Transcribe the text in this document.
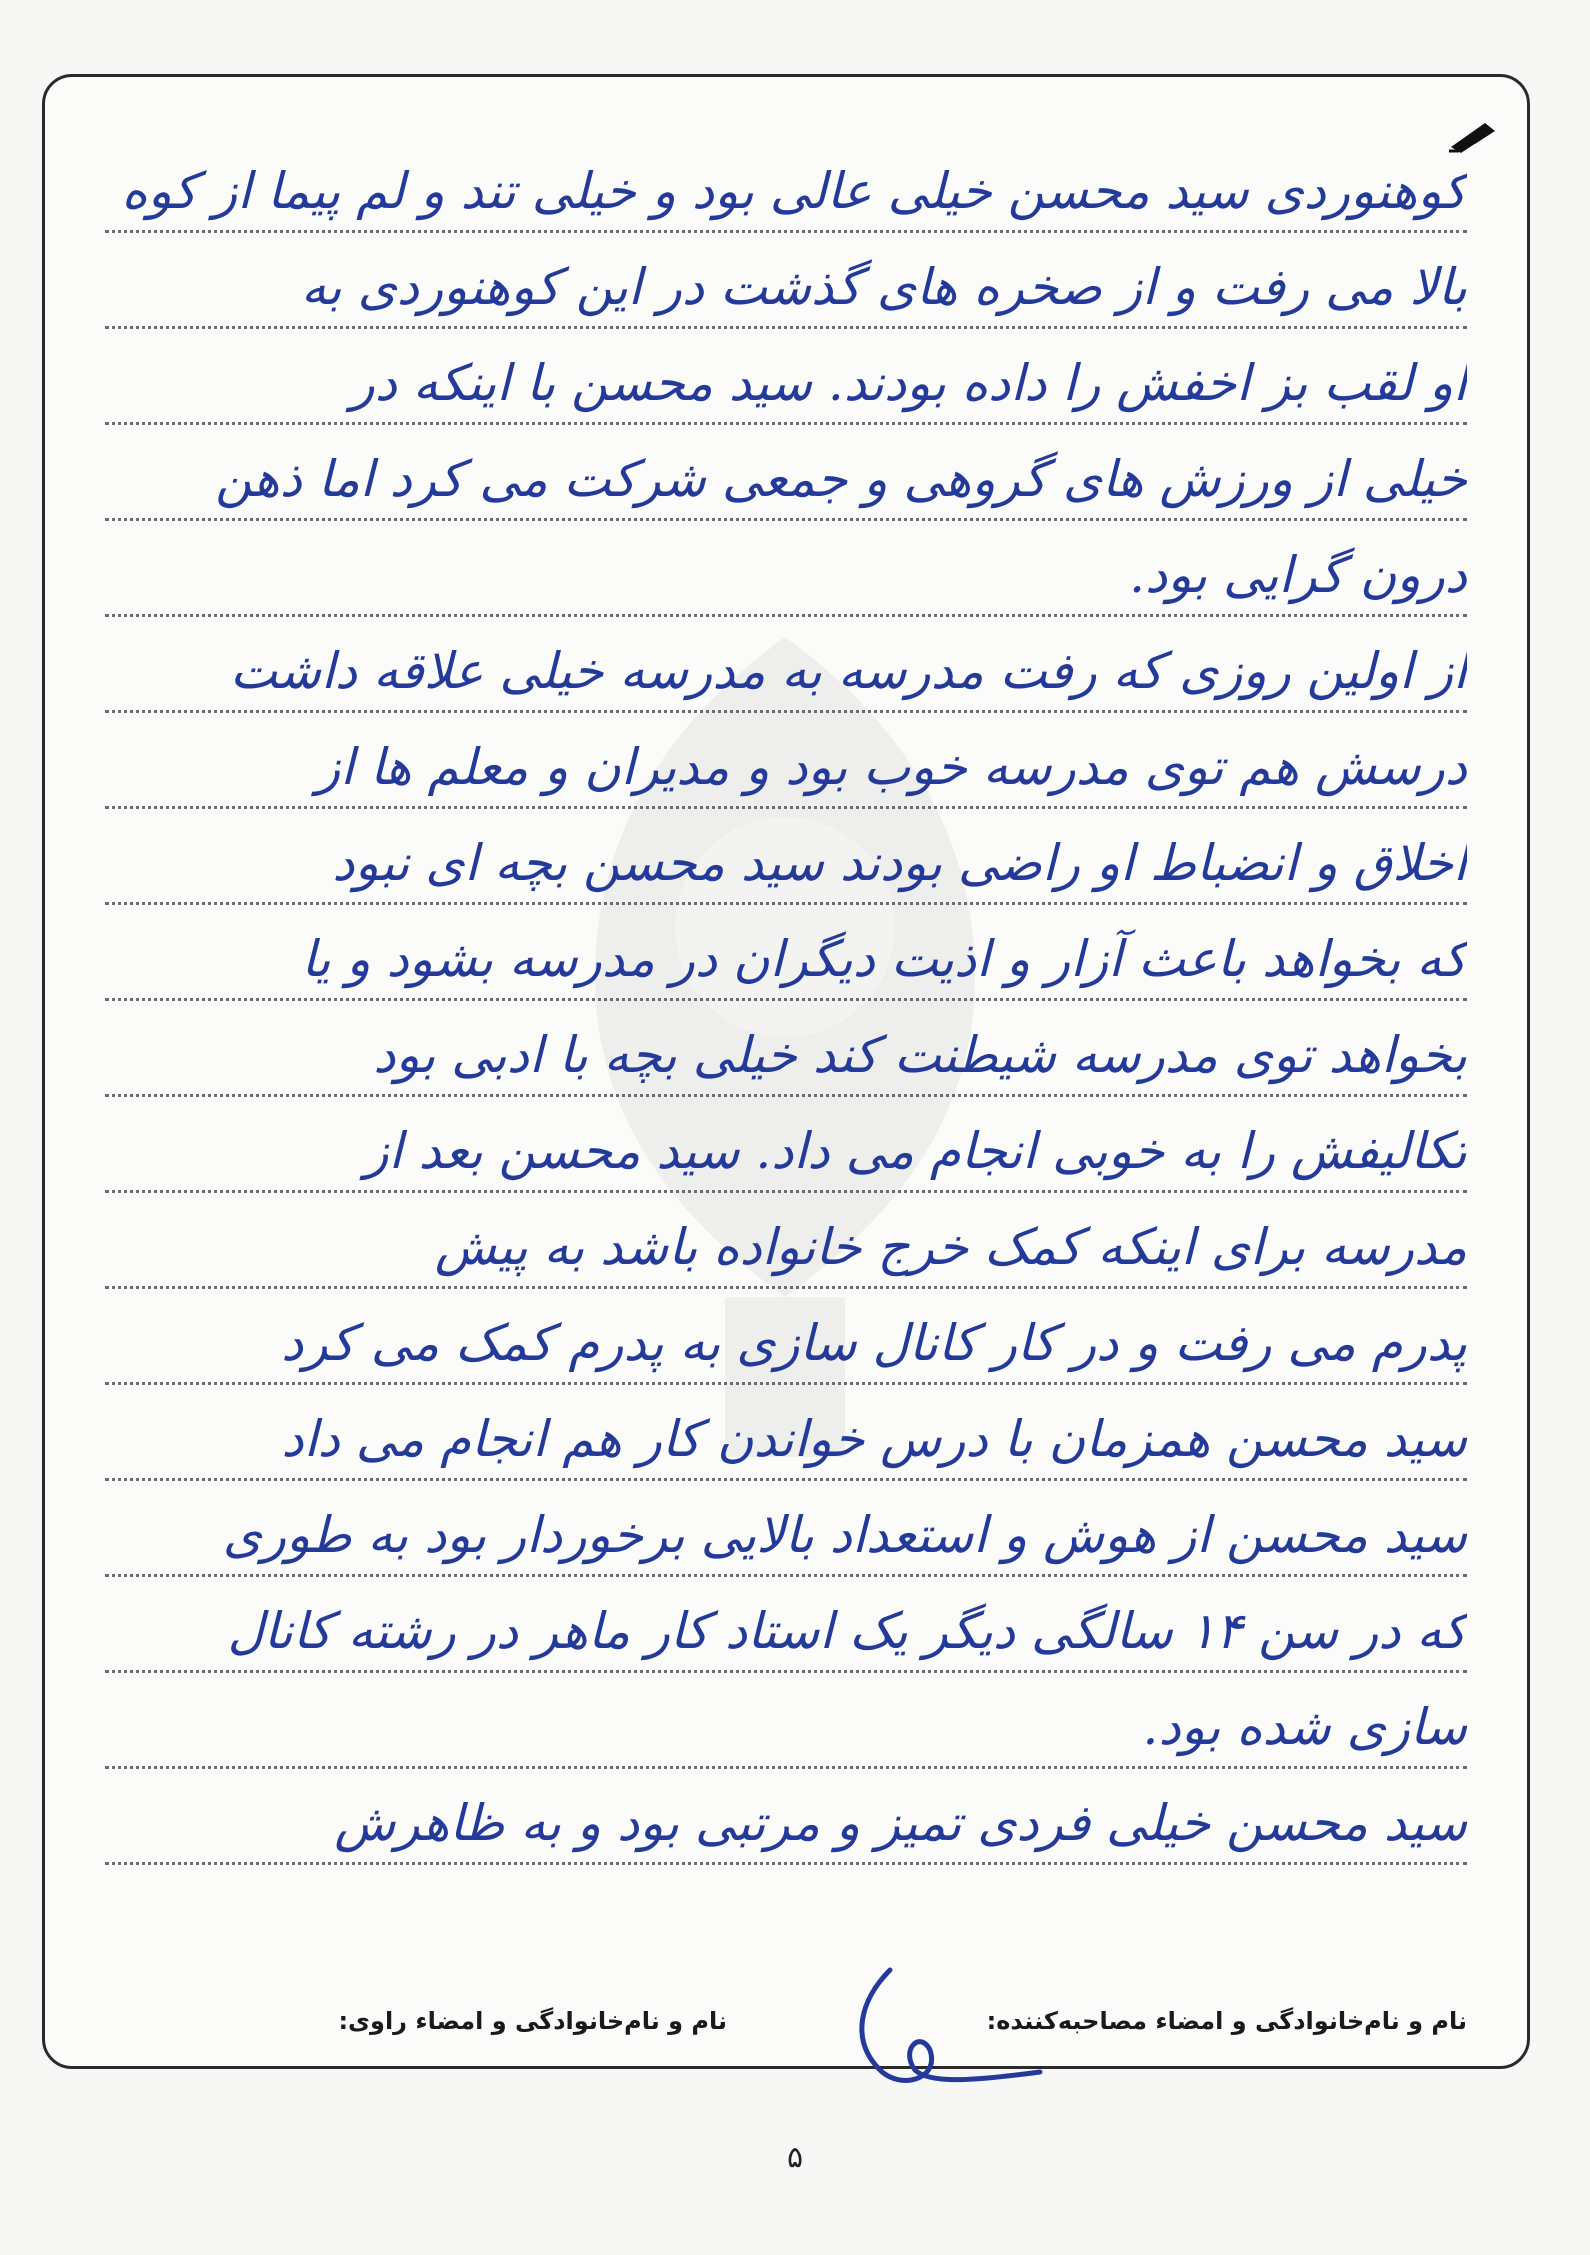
کوهنوردی سید محسن خیلی عالی بود و خیلی تند و لم پیما از کوه
بالا می رفت و از صخره های گذشت در این کوهنوردی به
او لقب بز اخفش را داده بودند. سید محسن با اینکه در
خیلی از ورزش های گروهی و جمعی شرکت می کرد اما ذهن
درون گرایی بود.
از اولین روزی که رفت مدرسه به مدرسه خیلی علاقه داشت
درسش هم توی مدرسه خوب بود و مدیران و معلم ها از
اخلاق و انضباط او راضی بودند سید محسن بچه ای نبود
که بخواهد باعث آزار و اذیت دیگران در مدرسه بشود و یا
بخواهد توی مدرسه شیطنت کند خیلی بچه با ادبی بود
تکالیفش را به خوبی انجام می داد. سید محسن بعد از
مدرسه برای اینکه کمک خرج خانواده باشد به پیش
پدرم می رفت و در کار کانال سازی به پدرم کمک می کرد
سید محسن همزمان با درس خواندن کار هم انجام می داد
سید محسن از هوش و استعداد بالایی برخوردار بود به طوری
که در سن ۱۴ سالگی دیگر یک استاد کار ماهر در رشته کانال
سازی شده بود.
سید محسن خیلی فردی تمیز و مرتبی بود و به ظاهرش
نام و نام‌خانوادگی و امضاء مصاحبه‌کننده:
نام و نام‌خانوادگی و امضاء راوی:
۵
